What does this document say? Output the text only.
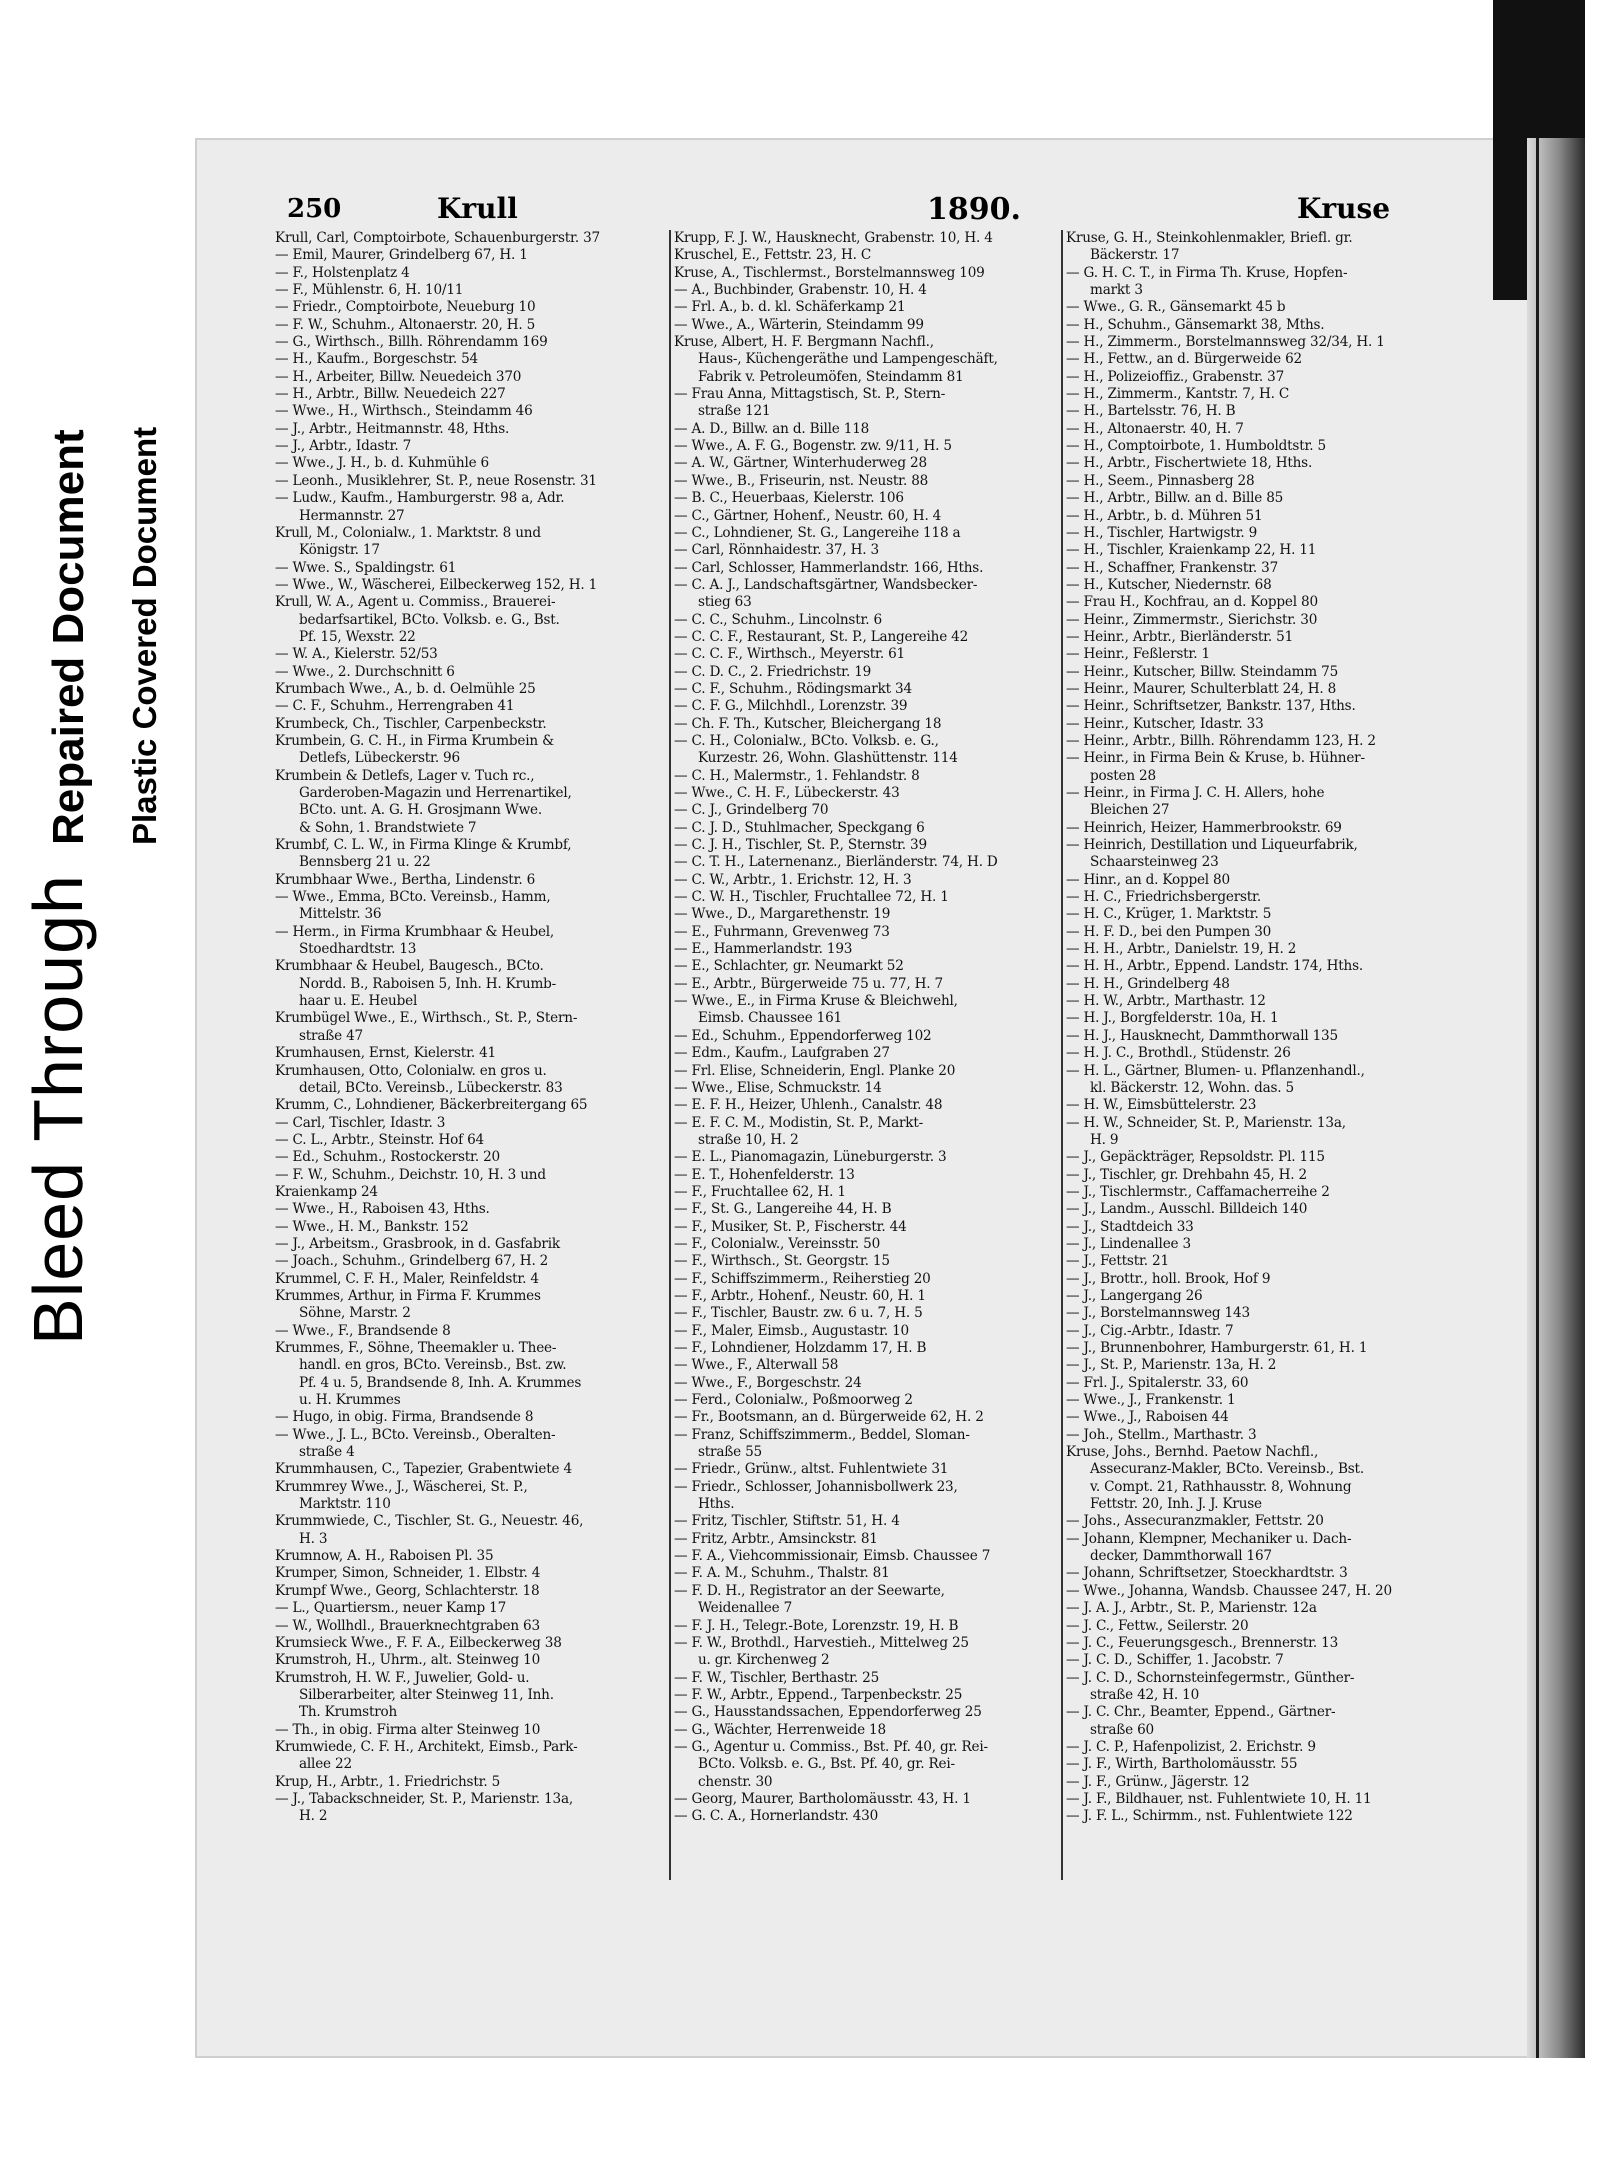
Bleed Through
Repaired Document Plastic Covered Document
250	Krull	1890.	Kruse
Krull, Carl, Comptoirbote, Schauenburgerstr. 37
— Emil, Maurer, Grindelberg 67, H. 1
— F., Holstenplatz 4
— F., Mühlenstr. 6, H. 10/11
— Friedr., Comptoirbote, Neueburg 10
— F. W., Schuhm., Altonaerstr. 20, H. 5
— G., Wirthsch., Billh. Röhrendamm 169
— H., Kaufm., Borgeschstr. 54
— H., Arbeiter, Billw. Neuedeich 370
— H., Arbtr., Billw. Neuedeich 227
— Wwe., H., Wirthsch., Steindamm 46
— J., Arbtr., Heitmannstr. 48, Hths.
— J., Arbtr., Idastr. 7
— Wwe., J. H., b. d. Kuhmühle 6
— Leonh., Musiklehrer, St. P., neue Rosenstr. 31
— Ludw., Kaufm., Hamburgerstr. 98 a, Adr.
Hermannstr. 27
Krull, M., Colonialw., 1. Marktstr. 8 und
Königstr. 17
— Wwe. S., Spaldingstr. 61
— Wwe., W., Wäscherei, Eilbeckerweg 152, H. 1
Krull, W. A., Agent u. Commiss., Brauerei-
bedarfsartikel, BCto. Volksb. e. G., Bst.
Pf. 15, Wexstr. 22
— W. A., Kielerstr. 52/53
— Wwe., 2. Durchschnitt 6
Krumbach Wwe., A., b. d. Oelmühle 25
— C. F., Schuhm., Herrengraben 41
Krumbeck, Ch., Tischler, Carpenbeckstr.
Krumbein, G. C. H., in Firma Krumbein &
Detlefs, Lübeckerstr. 96
Krumbein & Detlefs, Lager v. Tuch rc.,
Garderoben-Magazin und Herrenartikel,
BCto. unt. A. G. H. Grosjmann Wwe.
& Sohn, 1. Brandstwiete 7
Krumbf, C. L. W., in Firma Klinge & Krumbf,
Bennsberg 21 u. 22
Krumbhaar Wwe., Bertha, Lindenstr. 6
— Wwe., Emma, BCto. Vereinsb., Hamm,
Mittelstr. 36
— Herm., in Firma Krumbhaar & Heubel,
Stoedhardtstr. 13
Krumbhaar & Heubel, Baugesch., BCto.
Nordd. B., Raboisen 5, Inh. H. Krumb-
haar u. E. Heubel
Krumbügel Wwe., E., Wirthsch., St. P., Stern-
straße 47
Krumhausen, Ernst, Kielerstr. 41
Krumhausen, Otto, Colonialw. en gros u.
detail, BCto. Vereinsb., Lübeckerstr. 83
Krumm, C., Lohndiener, Bäckerbreitergang 65
— Carl, Tischler, Idastr. 3
— C. L., Arbtr., Steinstr. Hof 64
— Ed., Schuhm., Rostockerstr. 20
— F. W., Schuhm., Deichstr. 10, H. 3 und
Kraienkamp 24
— Wwe., H., Raboisen 43, Hths.
— Wwe., H. M., Bankstr. 152
— J., Arbeitsm., Grasbrook, in d. Gasfabrik
— Joach., Schuhm., Grindelberg 67, H. 2
Krummel, C. F. H., Maler, Reinfeldstr. 4
Krummes, Arthur, in Firma F. Krummes
Söhne, Marstr. 2
— Wwe., F., Brandsende 8
Krummes, F., Söhne, Theemakler u. Thee-
handl. en gros, BCto. Vereinsb., Bst. zw.
Pf. 4 u. 5, Brandsende 8, Inh. A. Krummes
u. H. Krummes
— Hugo, in obig. Firma, Brandsende 8
— Wwe., J. L., BCto. Vereinsb., Oberalten-
straße 4
Krummhausen, C., Tapezier, Grabentwiete 4
Krummrey Wwe., J., Wäscherei, St. P.,
Marktstr. 110
Krummwiede, C., Tischler, St. G., Neuestr. 46,
H. 3
Krumnow, A. H., Raboisen Pl. 35
Krumper, Simon, Schneider, 1. Elbstr. 4
Krumpf Wwe., Georg, Schlachterstr. 18
— L., Quartiersm., neuer Kamp 17
— W., Wollhdl., Brauerknechtgraben 63
Krumsieck Wwe., F. F. A., Eilbeckerweg 38
Krumstroh, H., Uhrm., alt. Steinweg 10
Krumstroh, H. W. F., Juwelier, Gold- u.
Silberarbeiter, alter Steinweg 11, Inh.
Th. Krumstroh
— Th., in obig. Firma alter Steinweg 10
Krumwiede, C. F. H., Architekt, Eimsb., Park-
allee 22
Krup, H., Arbtr., 1. Friedrichstr. 5
— J., Tabackschneider, St. P., Marienstr. 13a,
H. 2
Krupp, F. J. W., Hausknecht, Grabenstr. 10, H. 4
Kruschel, E., Fettstr. 23, H. C
Kruse, A., Tischlermst., Borstelmannsweg 109
— A., Buchbinder, Grabenstr. 10, H. 4
— Frl. A., b. d. kl. Schäferkamp 21
— Wwe., A., Wärterin, Steindamm 99
Kruse, Albert, H. F. Bergmann Nachfl.,
Haus-, Küchengeräthe und Lampengeschäft,
Fabrik v. Petroleumöfen, Steindamm 81
— Frau Anna, Mittagstisch, St. P., Stern-
straße 121
— A. D., Billw. an d. Bille 118
— Wwe., A. F. G., Bogenstr. zw. 9/11, H. 5
— A. W., Gärtner, Winterhuderweg 28
— Wwe., B., Friseurin, nst. Neustr. 88
— B. C., Heuerbaas, Kielerstr. 106
— C., Gärtner, Hohenf., Neustr. 60, H. 4
— C., Lohndiener, St. G., Langereihe 118 a
— Carl, Rönnhaidestr. 37, H. 3
— Carl, Schlosser, Hammerlandstr. 166, Hths.
— C. A. J., Landschaftsgärtner, Wandsbecker-
stieg 63
— C. C., Schuhm., Lincolnstr. 6
— C. C. F., Restaurant, St. P., Langereihe 42
— C. C. F., Wirthsch., Meyerstr. 61
— C. D. C., 2. Friedrichstr. 19
— C. F., Schuhm., Rödingsmarkt 34
— C. F. G., Milchhdl., Lorenzstr. 39
— Ch. F. Th., Kutscher, Bleichergang 18
— C. H., Colonialw., BCto. Volksb. e. G.,
Kurzestr. 26, Wohn. Glashüttenstr. 114
— C. H., Malermstr., 1. Fehlandstr. 8
— Wwe., C. H. F., Lübeckerstr. 43
— C. J., Grindelberg 70
— C. J. D., Stuhlmacher, Speckgang 6
— C. J. H., Tischler, St. P., Sternstr. 39
— C. T. H., Laternenanz., Bierländerstr. 74, H. D
— C. W., Arbtr., 1. Erichstr. 12, H. 3
— C. W. H., Tischler, Fruchtallee 72, H. 1
— Wwe., D., Margarethenstr. 19
— E., Fuhrmann, Grevenweg 73
— E., Hammerlandstr. 193
— E., Schlachter, gr. Neumarkt 52
— E., Arbtr., Bürgerweide 75 u. 77, H. 7
— Wwe., E., in Firma Kruse & Bleichwehl,
Eimsb. Chaussee 161
— Ed., Schuhm., Eppendorferweg 102
— Edm., Kaufm., Laufgraben 27
— Frl. Elise, Schneiderin, Engl. Planke 20
— Wwe., Elise, Schmuckstr. 14
— E. F. H., Heizer, Uhlenh., Canalstr. 48
— E. F. C. M., Modistin, St. P., Markt-
straße 10, H. 2
— E. L., Pianomagazin, Lüneburgerstr. 3
— E. T., Hohenfelderstr. 13
— F., Fruchtallee 62, H. 1
— F., St. G., Langereihe 44, H. B
— F., Musiker, St. P., Fischerstr. 44
— F., Colonialw., Vereinsstr. 50
— F., Wirthsch., St. Georgstr. 15
— F., Schiffszimmerm., Reiherstieg 20
— F., Arbtr., Hohenf., Neustr. 60, H. 1
— F., Tischler, Baustr. zw. 6 u. 7, H. 5
— F., Maler, Eimsb., Augustastr. 10
— F., Lohndiener, Holzdamm 17, H. B
— Wwe., F., Alterwall 58
— Wwe., F., Borgeschstr. 24
— Ferd., Colonialw., Poßmoorweg 2
— Fr., Bootsmann, an d. Bürgerweide 62, H. 2
— Franz, Schiffszimmerm., Beddel, Sloman-
straße 55
— Friedr., Grünw., altst. Fuhlentwiete 31
— Friedr., Schlosser, Johannisbollwerk 23,
Hths.
— Fritz, Tischler, Stiftstr. 51, H. 4
— Fritz, Arbtr., Amsinckstr. 81
— F. A., Viehcommissionair, Eimsb. Chaussee 7
— F. A. M., Schuhm., Thalstr. 81
— F. D. H., Registrator an der Seewarte,
Weidenallee 7
— F. J. H., Telegr.-Bote, Lorenzstr. 19, H. B
— F. W., Brothdl., Harvestieh., Mittelweg 25
u. gr. Kirchenweg 2
— F. W., Tischler, Berthastr. 25
— F. W., Arbtr., Eppend., Tarpenbeckstr. 25
— G., Hausstandssachen, Eppendorferweg 25
— G., Wächter, Herrenweide 18
— G., Agentur u. Commiss., Bst. Pf. 40, gr. Rei-
BCto. Volksb. e. G., Bst. Pf. 40, gr. Rei-
chenstr. 30
— Georg, Maurer, Bartholomäusstr. 43, H. 1
— G. C. A., Hornerlandstr. 430
Kruse, G. H., Steinkohlenmakler, Briefl. gr.
Bäckerstr. 17
— G. H. C. T., in Firma Th. Kruse, Hopfen-
markt 3
— Wwe., G. R., Gänsemarkt 45 b
— H., Schuhm., Gänsemarkt 38, Mths.
— H., Zimmerm., Borstelmannsweg 32/34, H. 1
— H., Fettw., an d. Bürgerweide 62
— H., Polizeioffiz., Grabenstr. 37
— H., Zimmerm., Kantstr. 7, H. C
— H., Bartelsstr. 76, H. B
— H., Altonaerstr. 40, H. 7
— H., Comptoirbote, 1. Humboldtstr. 5
— H., Arbtr., Fischertwiete 18, Hths.
— H., Seem., Pinnasberg 28
— H., Arbtr., Billw. an d. Bille 85
— H., Arbtr., b. d. Mühren 51
— H., Tischler, Hartwigstr. 9
— H., Tischler, Kraienkamp 22, H. 11
— H., Schaffner, Frankenstr. 37
— H., Kutscher, Niedernstr. 68
— Frau H., Kochfrau, an d. Koppel 80
— Heinr., Zimmermstr., Sierichstr. 30
— Heinr., Arbtr., Bierländerstr. 51
— Heinr., Feßlerstr. 1
— Heinr., Kutscher, Billw. Steindamm 75
— Heinr., Maurer, Schulterblatt 24, H. 8
— Heinr., Schriftsetzer, Bankstr. 137, Hths.
— Heinr., Kutscher, Idastr. 33
— Heinr., Arbtr., Billh. Röhrendamm 123, H. 2
— Heinr., in Firma Bein & Kruse, b. Hühner-
posten 28
— Heinr., in Firma J. C. H. Allers, hohe
Bleichen 27
— Heinrich, Heizer, Hammerbrookstr. 69
— Heinrich, Destillation und Liqueurfabrik,
Schaarsteinweg 23
— Hinr., an d. Koppel 80
— H. C., Friedrichsbergerstr.
— H. C., Krüger, 1. Marktstr. 5
— H. F. D., bei den Pumpen 30
— H. H., Arbtr., Danielstr. 19, H. 2
— H. H., Arbtr., Eppend. Landstr. 174, Hths.
— H. H., Grindelberg 48
— H. W., Arbtr., Marthastr. 12
— H. J., Borgfelderstr. 10a, H. 1
— H. J., Hausknecht, Dammthorwall 135
— H. J. C., Brothdl., Stüdenstr. 26
— H. L., Gärtner, Blumen- u. Pflanzenhandl.,
kl. Bäckerstr. 12, Wohn. das. 5
— H. W., Eimsbüttelerstr. 23
— H. W., Schneider, St. P., Marienstr. 13a,
H. 9
— J., Gepäckträger, Repsoldstr. Pl. 115
— J., Tischler, gr. Drehbahn 45, H. 2
— J., Tischlermstr., Caffamacherreihe 2
— J., Landm., Ausschl. Billdeich 140
— J., Stadtdeich 33
— J., Lindenallee 3
— J., Fettstr. 21
— J., Brottr., holl. Brook, Hof 9
— J., Langergang 26
— J., Borstelmannsweg 143
— J., Cig.-Arbtr., Idastr. 7
— J., Brunnenbohrer, Hamburgerstr. 61, H. 1
— J., St. P., Marienstr. 13a, H. 2
— Frl. J., Spitalerstr. 33, 60
— Wwe., J., Frankenstr. 1
— Wwe., J., Raboisen 44
— Joh., Stellm., Marthastr. 3
Kruse, Johs., Bernhd. Paetow Nachfl.,
Assecuranz-Makler, BCto. Vereinsb., Bst.
v. Compt. 21, Rathhausstr. 8, Wohnung
Fettstr. 20, Inh. J. J. Kruse
— Johs., Assecuranzmakler, Fettstr. 20
— Johann, Klempner, Mechaniker u. Dach-
decker, Dammthorwall 167
— Johann, Schriftsetzer, Stoeckhardtstr. 3
— Wwe., Johanna, Wandsb. Chaussee 247, H. 20
— J. A. J., Arbtr., St. P., Marienstr. 12a
— J. C., Fettw., Seilerstr. 20
— J. C., Feuerungsgesch., Brennerstr. 13
— J. C. D., Schiffer, 1. Jacobstr. 7
— J. C. D., Schornsteinfegermstr., Günther-
straße 42, H. 10
— J. C. Chr., Beamter, Eppend., Gärtner-
straße 60
— J. C. P., Hafenpolizist, 2. Erichstr. 9
— J. F., Wirth, Bartholomäusstr. 55
— J. F., Grünw., Jägerstr. 12
— J. F., Bildhauer, nst. Fuhlentwiete 10, H. 11
— J. F. L., Schirmm., nst. Fuhlentwiete 122
